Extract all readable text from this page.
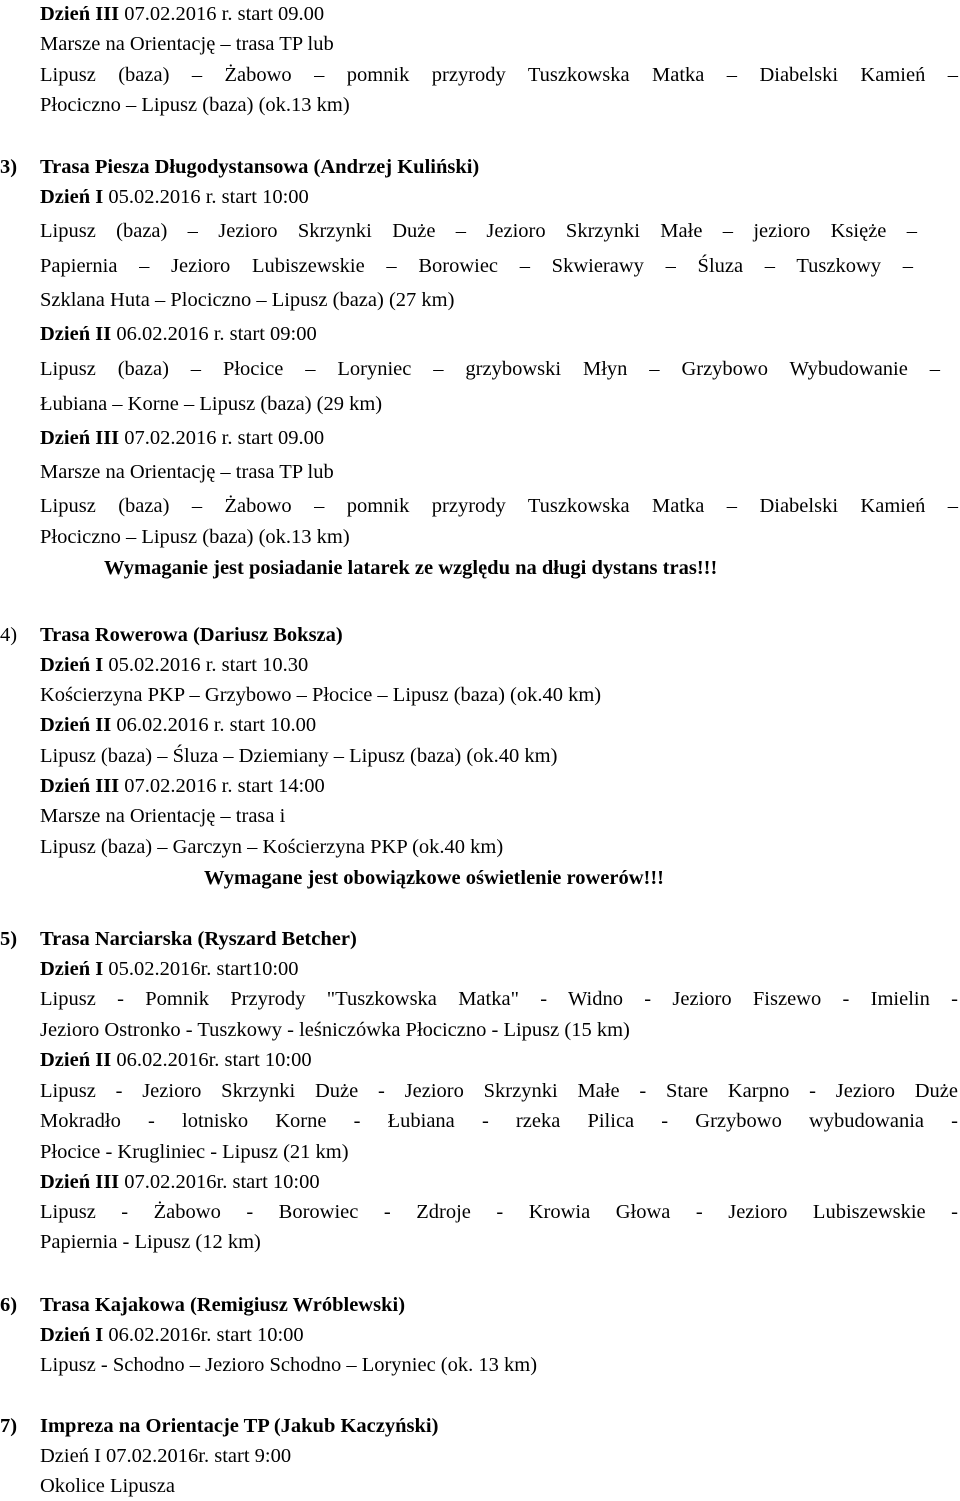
Dzień III 07.02.2016 r. start 09.00
Marsze na Orientację – trasa TP lub
Lipusz (baza) – Żabowo – pomnik przyrody Tuszkowska Matka – Diabelski Kamień –
Płociczno – Lipusz (baza) (ok.13 km)
3) Trasa Piesza Długodystansowa (Andrzej Kuliński)
Dzień I 05.02.2016 r. start 10:00
Lipusz (baza) – Jezioro Skrzynki Duże – Jezioro Skrzynki Małe – jezioro Księże –
Papiernia – Jezioro Lubiszewskie – Borowiec – Skwierawy – Śluza – Tuszkowy –
Szklana Huta – Plociczno – Lipusz (baza) (27 km)
Dzień II 06.02.2016 r. start 09:00
Lipusz (baza) – Płocice – Loryniec – grzybowski Młyn – Grzybowo Wybudowanie –
Łubiana – Korne – Lipusz (baza) (29 km)
Dzień III 07.02.2016 r. start 09.00
Marsze na Orientację – trasa TP lub
Lipusz (baza) – Żabowo – pomnik przyrody Tuszkowska Matka – Diabelski Kamień –
Płociczno – Lipusz (baza) (ok.13 km)
Wymaganie jest posiadanie latarek ze względu na długi dystans tras!!!
4) Trasa Rowerowa (Dariusz Boksza)
Dzień I 05.02.2016 r. start 10.30
Kościerzyna PKP – Grzybowo – Płocice – Lipusz (baza) (ok.40 km)
Dzień II 06.02.2016 r. start 10.00
Lipusz (baza) – Śluza – Dziemiany – Lipusz (baza) (ok.40 km)
Dzień III 07.02.2016 r. start 14:00
Marsze na Orientację – trasa i
Lipusz (baza) – Garczyn – Kościerzyna PKP (ok.40 km)
Wymagane jest obowiązkowe oświetlenie rowerów!!!
5) Trasa Narciarska (Ryszard Betcher)
Dzień I 05.02.2016r. start10:00
Lipusz - Pomnik Przyrody "Tuszkowska Matka" - Widno - Jezioro Fiszewo - Imielin -
Jezioro Ostronko - Tuszkowy - leśniczówka Płociczno - Lipusz (15 km)
Dzień II 06.02.2016r. start 10:00
Lipusz - Jezioro Skrzynki Duże - Jezioro Skrzynki Małe - Stare Karpno - Jezioro Duże
Mokradło - lotnisko Korne - Łubiana - rzeka Pilica - Grzybowo wybudowania -
Płocice - Krugliniec - Lipusz (21 km)
Dzień III 07.02.2016r. start 10:00
Lipusz - Żabowo - Borowiec - Zdroje - Krowia Głowa - Jezioro Lubiszewskie -
Papiernia - Lipusz (12 km)
6) Trasa Kajakowa (Remigiusz Wróblewski)
Dzień I 06.02.2016r. start 10:00
Lipusz - Schodno – Jezioro Schodno – Loryniec (ok. 13 km)
7) Impreza na Orientacje TP (Jakub Kaczyński)
Dzień I 07.02.2016r. start 9:00
Okolice Lipusza
